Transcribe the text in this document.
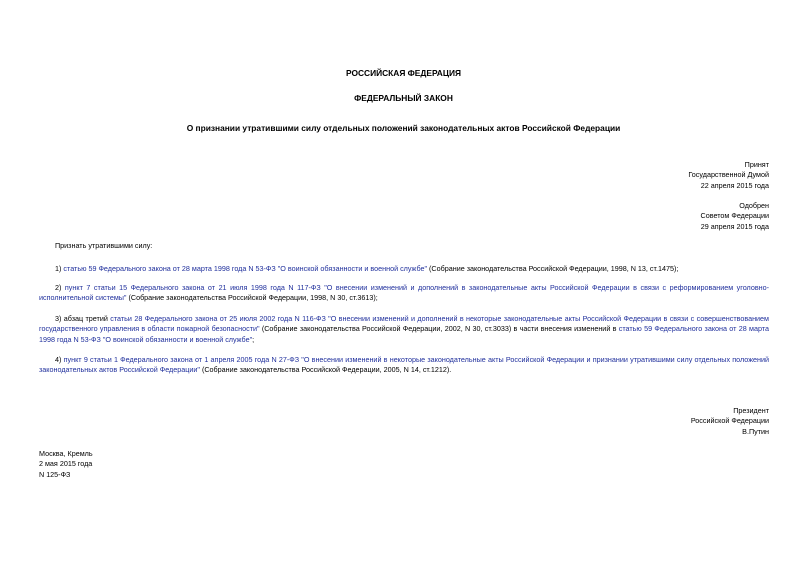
РОССИЙСКАЯ ФЕДЕРАЦИЯ
ФЕДЕРАЛЬНЫЙ ЗАКОН
О признании утратившими силу отдельных положений законодательных актов Российской Федерации
Принят
Государственной Думой
22 апреля 2015 года
Одобрен
Советом Федерации
29 апреля 2015 года
Признать утратившими силу:
1) статью 59 Федерального закона от 28 марта 1998 года N 53-ФЗ "О воинской обязанности и военной службе" (Собрание законодательства Российской Федерации, 1998, N 13, ст.1475);
2) пункт 7 статьи 15 Федерального закона от 21 июля 1998 года N 117-ФЗ "О внесении изменений и дополнений в законодательные акты Российской Федерации в связи с реформированием уголовно-исполнительной системы" (Собрание законодательства Российской Федерации, 1998, N 30, ст.3613);
3) абзац третий статьи 28 Федерального закона от 25 июля 2002 года N 116-ФЗ "О внесении изменений и дополнений в некоторые законодательные акты Российской Федерации в связи с совершенствованием государственного управления в области пожарной безопасности" (Собрание законодательства Российской Федерации, 2002, N 30, ст.3033) в части внесения изменений в статью 59 Федерального закона от 28 марта 1998 года N 53-ФЗ "О воинской обязанности и военной службе";
4) пункт 9 статьи 1 Федерального закона от 1 апреля 2005 года N 27-ФЗ "О внесении изменений в некоторые законодательные акты Российской Федерации и признании утратившими силу отдельных положений законодательных актов Российской Федерации" (Собрание законодательства Российской Федерации, 2005, N 14, ст.1212).
Президент
Российской Федерации
В.Путин
Москва, Кремль
2 мая 2015 года
N 125-ФЗ
